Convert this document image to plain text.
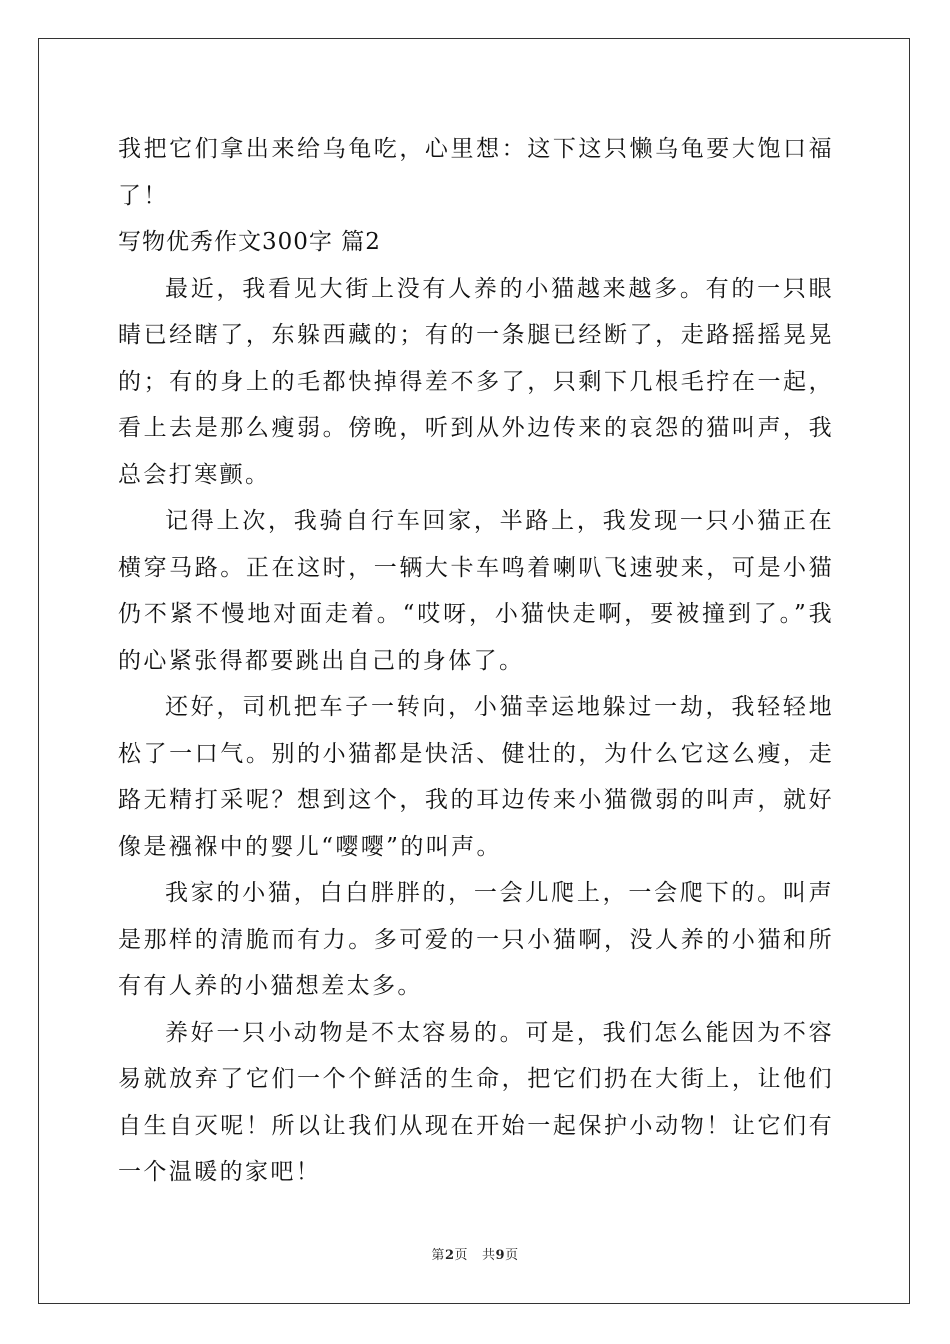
我把它们拿出来给乌龟吃，心里想：这下这只懒乌龟要大饱口福了！

写物优秀作文300字 篇2

最近，我看见大街上没有人养的小猫越来越多。有的一只眼睛已经瞎了，东躲西藏的；有的一条腿已经断了，走路摇摇晃晃的；有的身上的毛都快掉得差不多了，只剩下几根毛拧在一起，看上去是那么瘦弱。傍晚，听到从外边传来的哀怨的猫叫声，我总会打寒颤。

记得上次，我骑自行车回家，半路上，我发现一只小猫正在横穿马路。正在这时，一辆大卡车鸣着喇叭飞速驶来，可是小猫仍不紧不慢地对面走着。“哎呀，小猫快走啊，要被撞到了。”我的心紧张得都要跳出自己的身体了。

还好，司机把车子一转向，小猫幸运地躲过一劫，我轻轻地松了一口气。别的小猫都是快活、健壮的，为什么它这么瘦，走路无精打采呢？想到这个，我的耳边传来小猫微弱的叫声，就好像是襁褓中的婴儿“嘤嘤”的叫声。

我家的小猫，白白胖胖的，一会儿爬上，一会爬下的。叫声是那样的清脆而有力。多可爱的一只小猫啊，没人养的小猫和所有有人养的小猫想差太多。

养好一只小动物是不太容易的。可是，我们怎么能因为不容易就放弃了它们一个个鲜活的生命，把它们扔在大街上，让他们自生自灭呢！所以让我们从现在开始一起保护小动物！让它们有一个温暖的家吧！

第2页 共9页
